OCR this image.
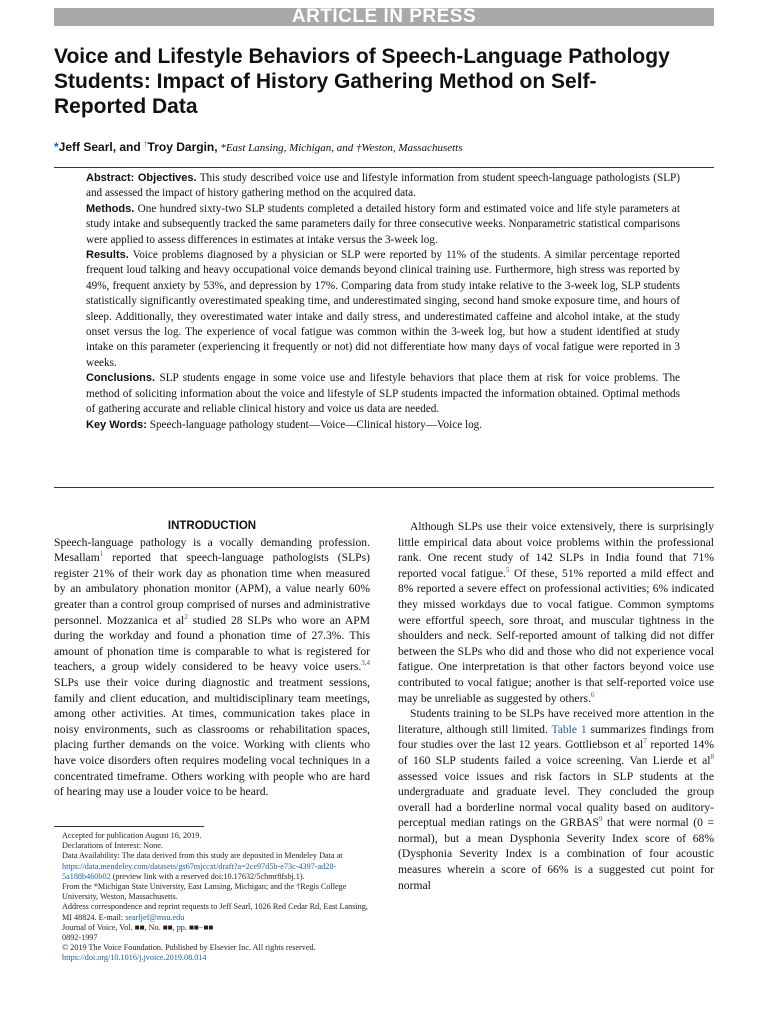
ARTICLE IN PRESS
Voice and Lifestyle Behaviors of Speech-Language Pathology
Students: Impact of History Gathering Method on Self-
Reported Data
*Jeff Searl, and †Troy Dargin, *East Lansing, Michigan, and †Weston, Massachusetts

Abstract: Objectives. This study described voice use and lifestyle information from student speech-language pathologists (SLP) and assessed the impact of history gathering method on the acquired data.

Methods. One hundred sixty-two SLP students completed a detailed history form and estimated voice and life style parameters at study intake and subsequently tracked the same parameters daily for three consecutive weeks. Nonparametric statistical comparisons were applied to assess differences in estimates at intake versus the 3-week log.

Results. Voice problems diagnosed by a physician or SLP were reported by 11% of the students. A similar percentage reported frequent loud talking and heavy occupational voice demands beyond clinical training use. Furthermore, high stress was reported by 49%, frequent anxiety by 53%, and depression by 17%. Comparing data from study intake relative to the 3-week log, SLP students statistically significantly overestimated speaking time, and underestimated singing, second hand smoke exposure time, and hours of sleep. Additionally, they overestimated water intake and daily stress, and underestimated caffeine and alcohol intake, at the study onset versus the log. The experience of vocal fatigue was common within the 3-week log, but how a student identified at study intake on this parameter (experiencing it frequently or not) did not differentiate how many days of vocal fatigue were reported in 3 weeks.

Conclusions. SLP students engage in some voice use and lifestyle behaviors that place them at risk for voice problems. The method of soliciting information about the voice and lifestyle of SLP students impacted the information obtained. Optimal methods of gathering accurate and reliable clinical history and voice us data are needed.

Key Words: Speech-language pathology student—Voice—Clinical history—Voice log.

INTRODUCTION

Speech-language pathology is a vocally demanding profession. Mesallam$^1$ reported that speech-language pathologists (SLPs) register 21% of their work day as phonation time when measured by an ambulatory phonation monitor (APM), a value nearly 60% greater than a control group comprised of nurses and administrative personnel. Mozzanica et $al^2$ studied 28 SLPs who wore an APM during the workday and found a phonation time of 27.3%. This amount of phonation time is comparable to what is registered for teachers, a group widely considered to be heavy voice users.$^{3,4}$ SLPs use their voice during diagnostic and treatment sessions, family and client education, and multidisciplinary team meetings, among other activities. At times, communication takes place in noisy environments, such as classrooms or rehabilitation spaces, placing further demands on the voice. Working with clients who have voice disorders often requires modeling vocal techniques in a concentrated timeframe. Others working with people who are hard of hearing may use a louder voice to be heard.

Accepted for publication August 16, 2019.

Declarations of Interest: None.

Data Availability: The data derived from this study are deposited in Mendeley Data at https://data.mendeley.com/datasets/gs67mjccxt/draft?a=2ce97d5b-e73c-4397-ad28-5a188b460b02 (preview link with a reserved doi:10.17632/5chmr8fsbj.1).

From the *Michigan State University, East Lansing, Michigan; and the †Regis College University, Weston, Massachusetts.

Address correspondence and reprint requests to Jeff Searl, 1026 Red Cedar Rd, East Lansing, MI 48824. E-mail: searljef@msu.edu

Journal of Voice, Vol. ■■, No. ■■, pp. ■■−■■

0892-1997

© 2019 The Voice Foundation. Published by Elsevier Inc. All rights reserved.

https://doi.org/10.1016/j.jvoice.2019.08.014

Although SLPs use their voice extensively, there is surprisingly little empirical data about voice problems within the professional rank. One recent study of 142 SLPs in India found that 71% reported vocal fatigue.$^5$ Of these, 51% reported a mild effect and 8% reported a severe effect on professional activities; 6% indicated they missed workdays due to vocal fatigue. Common symptoms were effortful speech, sore throat, and muscular tightness in the shoulders and neck. Self-reported amount of talking did not differ between the SLPs who did and those who did not experience vocal fatigue. One interpretation is that other factors beyond voice use contributed to vocal fatigue; another is that self-reported voice use may be unreliable as suggested by others.$^6$

Students training to be SLPs have received more attention in the literature, although still limited. Table 1 summarizes findings from four studies over the last 12 years. Gottliebson et $al^7$ reported 14% of 160 SLP students failed a voice screening. Van Lierde et $al^8$ assessed voice issues and risk factors in SLP students at the undergraduate and graduate level. They concluded the group overall had a borderline normal vocal quality based on auditory-perceptual median ratings on the GRBAS$^9$ that were normal (0 = normal), but a mean Dysphonia Severity Index score of 68% (Dysphonia Severity Index is a combination of four acoustic measures wherein a score of 66% is a suggested cut point for normal
